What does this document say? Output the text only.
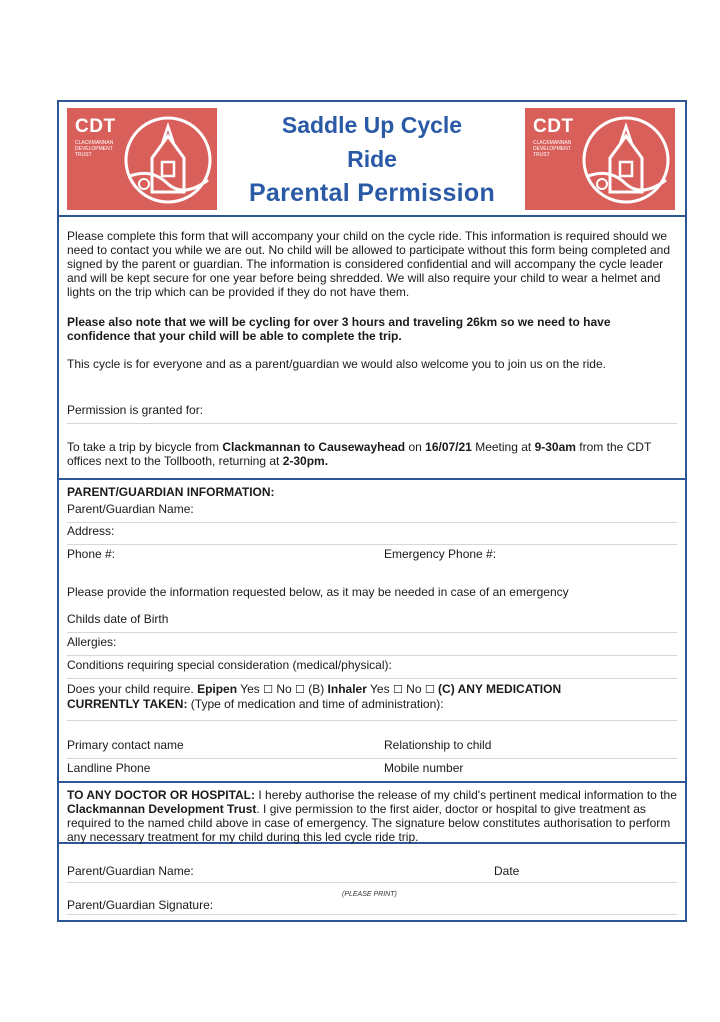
CDT
CLACKMANNAN DEVELOPMENT TRUST
Saddle Up Cycle
Ride
Parental Permission
CDT
CLACKMANNAN DEVELOPMENT TRUST
Please complete this form that will accompany your child on the cycle ride. This information is required should we need to contact you while we are out. No child will be allowed to participate without this form being completed and signed by the parent or guardian. The information is considered confidential and will accompany the cycle leader and will be kept secure for one year before being shredded. We will also require your child to wear a helmet and lights on the trip which can be provided if they do not have them.
Please also note that we will be cycling for over 3 hours and traveling 26km so we need to have confidence that your child will be able to complete the trip.
This cycle is for everyone and as a parent/guardian we would also welcome you to join us on the ride.
Permission is granted for:
To take a trip by bicycle from Clackmannan to Causewayhead on 16/07/21 Meeting at 9-30am from the CDT offices next to the Tollbooth, returning at 2-30pm.
PARENT/GUARDIAN INFORMATION:
Parent/Guardian Name:
Address:
Phone #:	Emergency Phone #:
Please provide the information requested below, as it may be needed in case of an emergency
Childs date of Birth
Allergies:
Conditions requiring special consideration (medical/physical):
Does your child require. Epipen Yes ☐ No ☐ (B) Inhaler Yes ☐ No ☐ (C) ANY MEDICATION
CURRENTLY TAKEN: (Type of medication and time of administration):
Primary contact name	Relationship to child
Landline Phone	Mobile number
TO ANY DOCTOR OR HOSPITAL: I hereby authorise the release of my child's pertinent medical information to the Clackmannan Development Trust. I give permission to the first aider, doctor or hospital to give treatment as required to the named child above in case of emergency. The signature below constitutes authorisation to perform any necessary treatment for my child during this led cycle ride trip.
Parent/Guardian Name:	Date
(PLEASE PRINT)
Parent/Guardian Signature:
